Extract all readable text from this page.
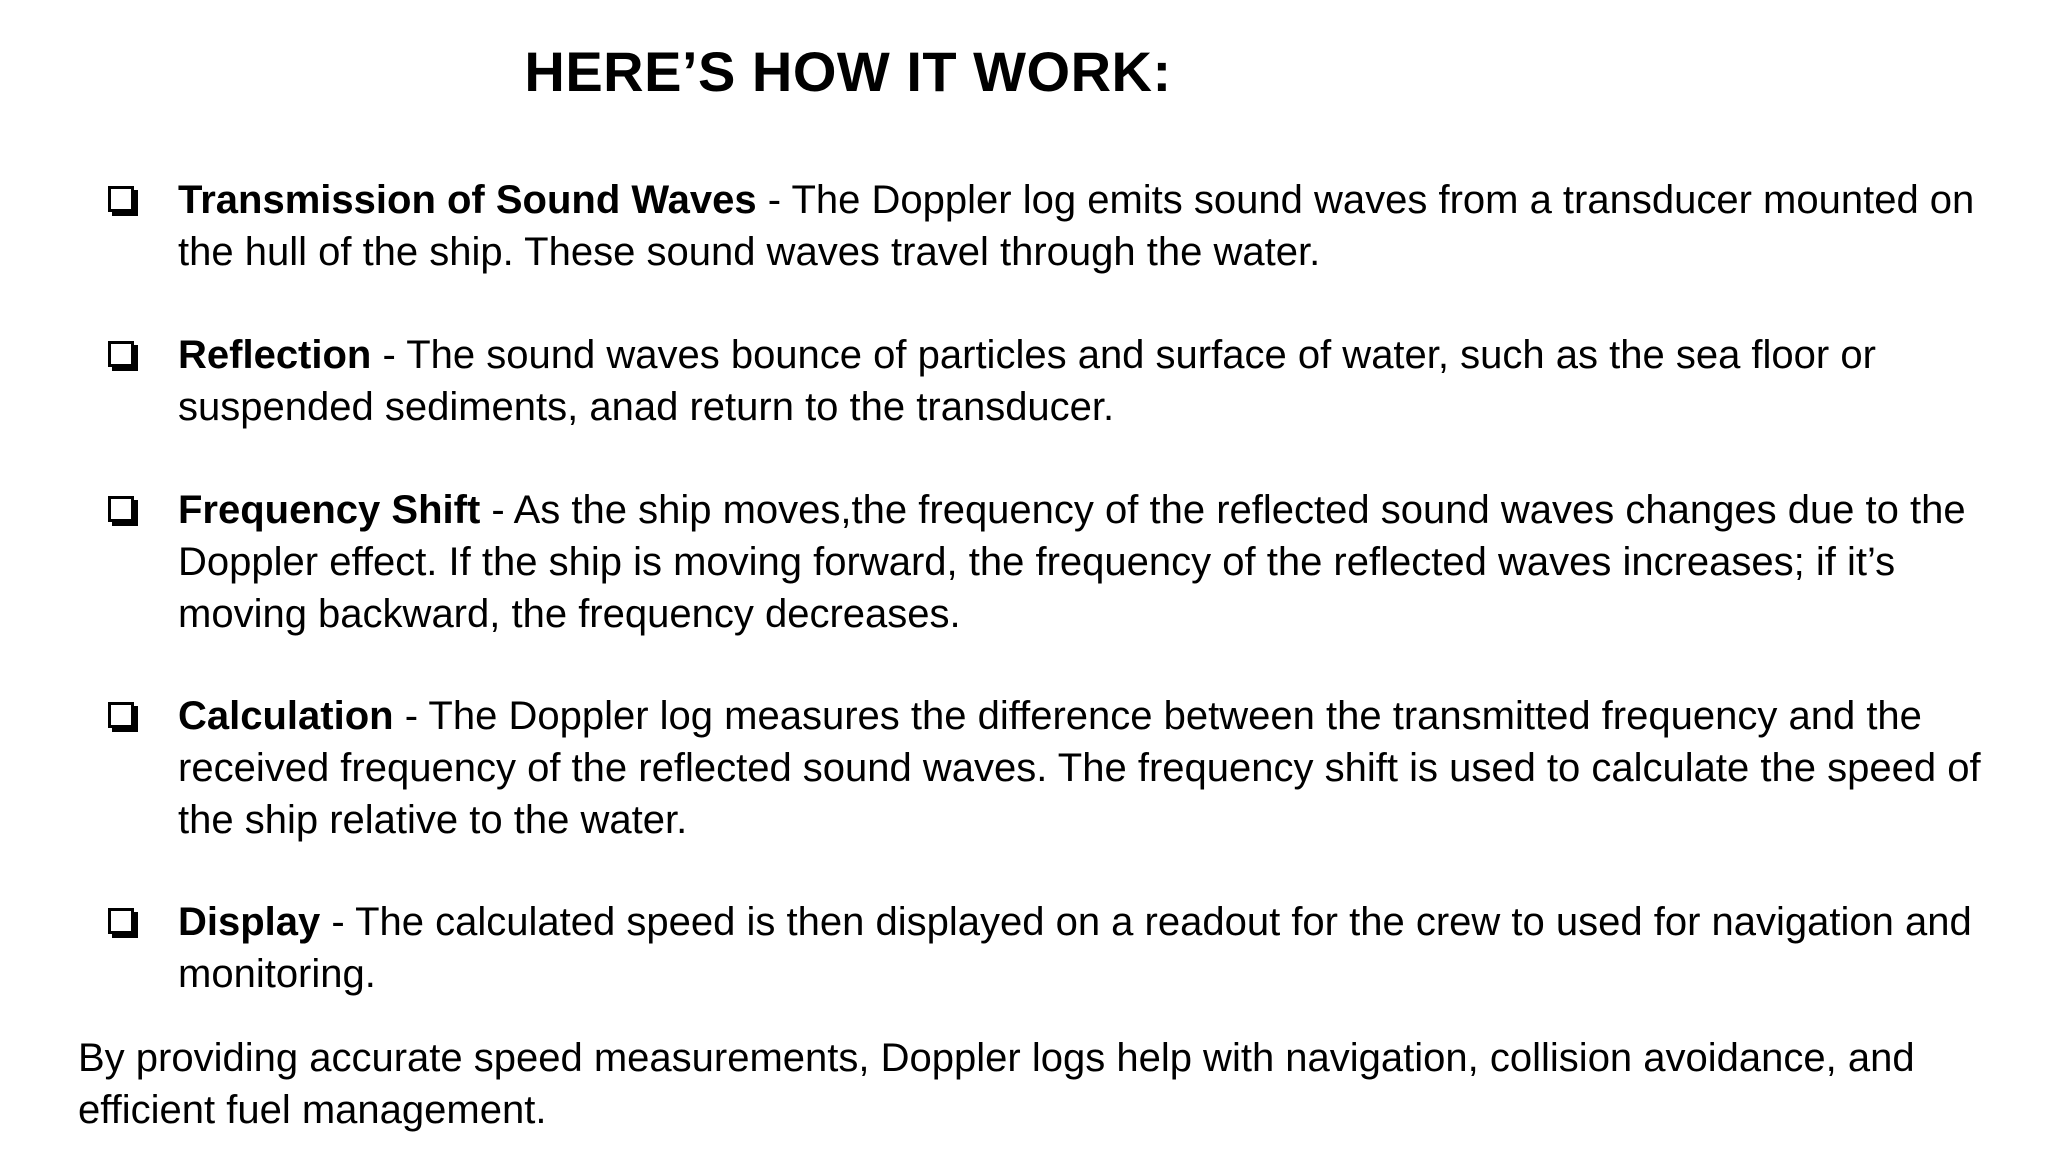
HERE’S HOW IT WORK:
Transmission of Sound Waves - The Doppler log emits sound waves from a transducer mounted on the hull of the ship. These sound waves travel through the water.
Reflection - The sound waves bounce of particles and surface of water, such as the sea floor or suspended sediments, anad return to the transducer.
Frequency Shift - As the ship moves,the frequency of the reflected sound waves changes due to the Doppler effect. If the ship is moving forward, the frequency of the reflected waves increases; if it’s moving backward, the frequency decreases.
Calculation - The Doppler log measures the difference between the transmitted frequency and the received frequency of the reflected sound waves. The frequency shift is used to calculate the speed of the ship relative to the water.
Display - The calculated speed is then displayed on a readout for the crew to used for navigation and monitoring.
By providing accurate speed measurements, Doppler logs help with navigation, collision avoidance, and efficient fuel management.
